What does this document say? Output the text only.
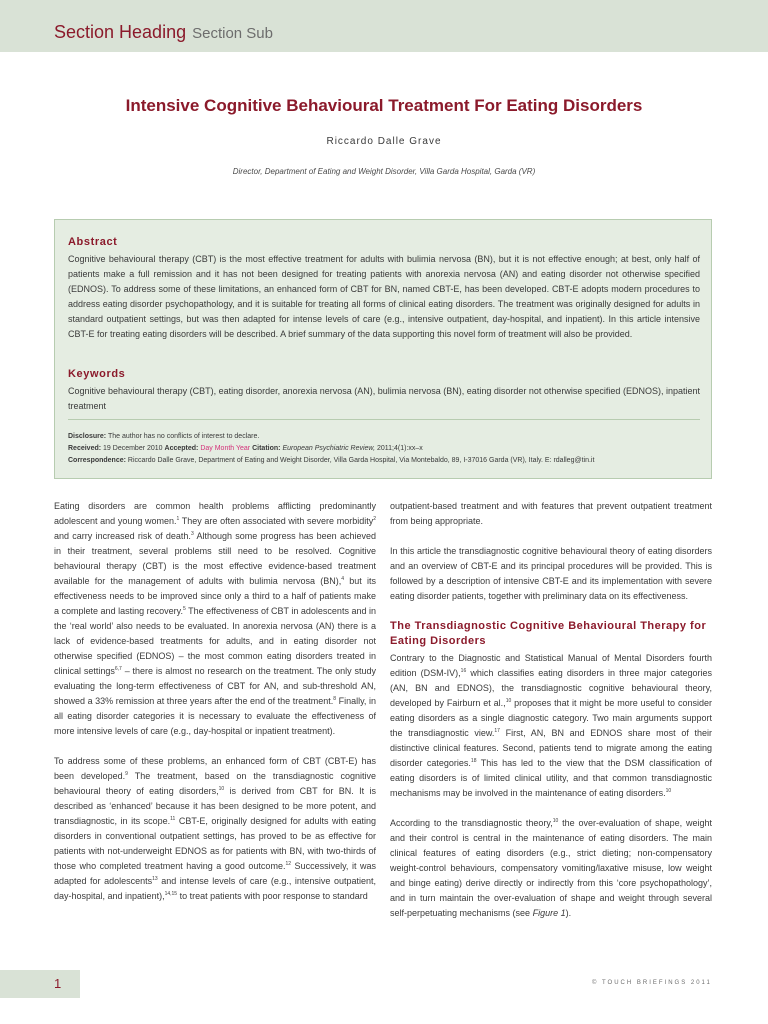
Section Heading Section Sub
Intensive Cognitive Behavioural Treatment For Eating Disorders
Riccardo Dalle Grave
Director, Department of Eating and Weight Disorder, Villa Garda Hospital, Garda (VR)
Abstract
Cognitive behavioural therapy (CBT) is the most effective treatment for adults with bulimia nervosa (BN), but it is not effective enough; at best, only half of patients make a full remission and it has not been designed for treating patients with anorexia nervosa (AN) and eating disorder not otherwise specified (EDNOS). To address some of these limitations, an enhanced form of CBT for BN, named CBT-E, has been developed. CBT-E adopts modern procedures to address eating disorder psychopathology, and it is suitable for treating all forms of clinical eating disorders. The treatment was originally designed for adults in standard outpatient settings, but was then adapted for intense levels of care (e.g., intensive outpatient, day-hospital, and inpatient). In this article intensive CBT-E for treating eating disorders will be described. A brief summary of the data supporting this novel form of treatment will also be provided.
Keywords
Cognitive behavioural therapy (CBT), eating disorder, anorexia nervosa (AN), bulimia nervosa (BN), eating disorder not otherwise specified (EDNOS), inpatient treatment
Disclosure: The author has no conflicts of interest to declare.
Received: 19 December 2010 Accepted: Day Month Year Citation: European Psychiatric Review, 2011;4(1):xx–x
Correspondence: Riccardo Dalle Grave, Department of Eating and Weight Disorder, Villa Garda Hospital, Via Montebaldo, 89, I-37016 Garda (VR), Italy. E: rdalleg@tin.it

Eating disorders are common health problems afflicting predominantly adolescent and young women.$^1$ They are often associated with severe morbidity$^2$ and carry increased risk of death.$^3$ Although some progress has been achieved in their treatment, several problems still need to be resolved. Cognitive behavioural therapy (CBT) is the most effective evidence-based treatment available for the management of adults with bulimia nervosa (BN),$^4$ but its effectiveness needs to be improved since only a third to a half of patients make a complete and lasting recovery.$^5$ The effectiveness of CBT in adolescents and in the ‘real world’ also needs to be evaluated. In anorexia nervosa (AN) there is a lack of evidence-based treatments for adults, and in eating disorder not otherwise specified (EDNOS) – the most common eating disorders treated in clinical settings$^{6,7}$ – there is almost no research on the treatment. The only study evaluating the long-term effectiveness of CBT for AN, and sub-threshold AN, showed a 33% remission at three years after the end of the treatment.$^8$ Finally, in all eating disorder categories it is necessary to evaluate the effectiveness of more intensive levels of care (e.g., day-hospital or inpatient treatment).

To address some of these problems, an enhanced form of CBT (CBT-E) has been developed.$^9$ The treatment, based on the transdiagnostic cognitive behavioural theory of eating disorders,$^{10}$ is derived from CBT for BN. It is described as ‘enhanced’ because it has been designed to be more potent, and transdiagnostic, in its scope.$^{11}$ CBT-E, originally designed for adults with eating disorders in conventional outpatient settings, has proved to be as effective for patients with not-underweight EDNOS as for patients with BN, with two-thirds of those who completed treatment having a good outcome.$^{12}$ Successively, it was adapted for adolescents$^{13}$ and intense levels of care (e.g., intensive outpatient, day-hospital, and inpatient),$^{14,15}$ to treat patients with poor response to standard

outpatient-based treatment and with features that prevent outpatient treatment from being appropriate.

In this article the transdiagnostic cognitive behavioural theory of eating disorders and an overview of CBT-E and its principal procedures will be provided. This is followed by a description of intensive CBT-E and its implementation with severe eating disorder patients, together with preliminary data on its effectiveness.

The Transdiagnostic Cognitive Behavioural Therapy for Eating Disorders

Contrary to the Diagnostic and Statistical Manual of Mental Disorders fourth edition (DSM-IV),$^{16}$ which classifies eating disorders in three major categories (AN, BN and EDNOS), the transdiagnostic cognitive behavioural theory, developed by Fairburn et al.,$^{10}$ proposes that it might be more useful to consider eating disorders as a single diagnostic category. Two main arguments support the transdiagnostic view.$^{17}$ First, AN, BN and EDNOS share most of their distinctive clinical features. Second, patients tend to migrate among the eating disorder categories.$^{18}$ This has led to the view that the DSM classification of eating disorders is of limited clinical utility, and that common transdiagnostic mechanisms may be involved in the maintenance of eating disorders.$^{10}$

According to the transdiagnostic theory,$^{10}$ the over-evaluation of shape, weight and their control is central in the maintenance of eating disorders. The main clinical features of eating disorders (e.g., strict dieting; non-compensatory weight-control behaviours, compensatory vomiting/laxative misuse, low weight and binge eating) derive directly or indirectly from this ‘core psychopathology’, and in turn maintain the over-evaluation of shape and weight through several self-perpetuating mechanisms (see Figure 1).

1	© TOUCH BRIEFINGS 2011
